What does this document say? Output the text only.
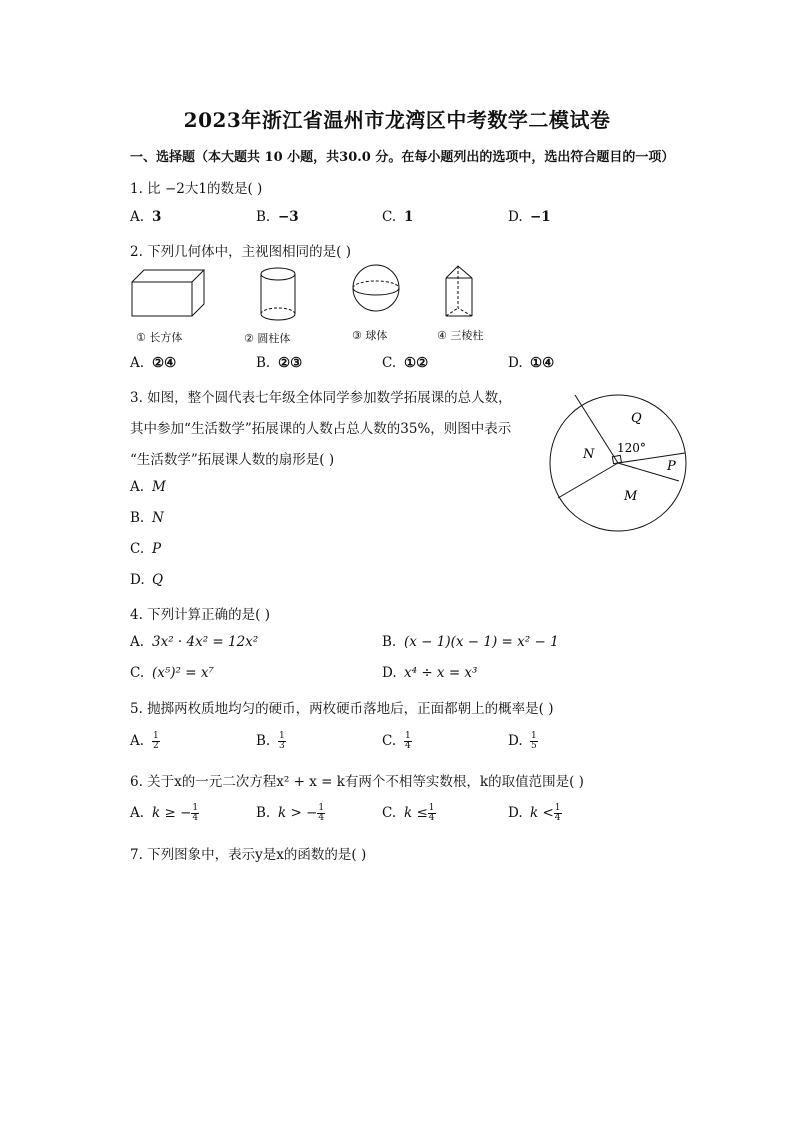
2023年浙江省温州市龙湾区中考数学二模试卷
一、选择题（本大题共 10 小题，共30.0 分。在每小题列出的选项中，选出符合题目的一项）
1. 比 −2大1的数是( )
A. 3	B. −3	C. 1	D. −1
2. 下列几何体中，主视图相同的是( )
① 长方体	② 圆柱体	③ 球体	④ 三棱柱
A. ②④	B. ②③	C. ①②	D. ①④
3. 如图，整个圆代表七年级全体同学参加数学拓展课的总人数，
其中参加“生活数学”拓展课的人数占总人数的35%，则图中表示
“生活数学”拓展课人数的扇形是( )
Q
N
P
M
120°
A. M
B. N
C. P
D. Q
4. 下列计算正确的是( )
A. 3x² · 4x² = 12x²	B. (x − 1)(x − 1) = x² − 1
C. (x⁵)² = x⁷	D. x⁴ ÷ x = x³
5. 抛掷两枚质地均匀的硬币，两枚硬币落地后，正面都朝上的概率是( )
A. $\frac{1}{2}$	B. $\frac{1}{3}$	C. $\frac{1}{4}$	D. $\frac{1}{5}$
6. 关于x的一元二次方程x² + x = k有两个不相等实数根，k的取值范围是( )
A. k ≥ − $\frac{1}{4}$	B. k > − $\frac{1}{4}$	C. $k \le \frac{1}{4}$	D. $k < \frac{1}{4}$
7. 下列图象中，表示y是x的函数的是( )
